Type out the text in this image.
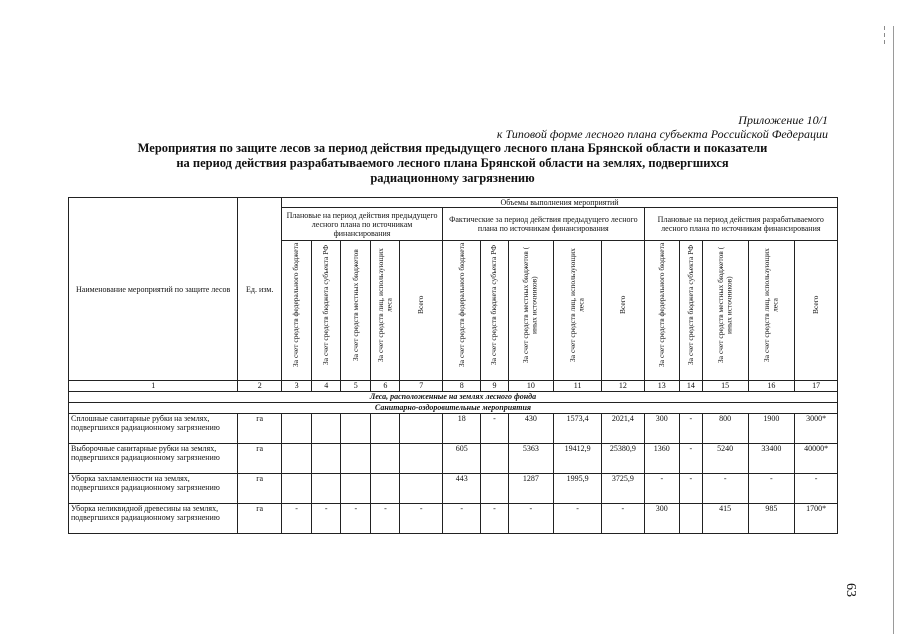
Приложение 10/1
к Типовой форме лесного плана субъекта Российской Федерации
Мероприятия по защите лесов за период действия предыдущего лесного плана Брянской области и показатели
на период действия разрабатываемого лесного плана Брянской области на землях, подвергшихся
радиационному загрязнению
Наименование мероприятий по защите лесов	Ед. изм.	Объемы выполнения мероприятий														
		Плановые на период действия предыдущего лесного плана по источникам финансирования					Фактические за период действия предыдущего лесного плана по источникам финансирования					Плановые на период действия разрабатываемого лесного плана по источникам финансирования				

		За счет средств федерального бюджета	За счет средств бюджета субъекта РФ	За счет средств местных бюджетов	За счет средств лиц, использующих леса	Всего	За счет средств федерального бюджета	За счет средств бюджета субъекта РФ	За счет средств местных бюджетов ( иных источников)	За счет средств лиц, использующих леса	Всего	За счет средств федерального бюджета	За счет средств бюджета субъекта РФ	За счет средств местных бюджетов ( иных источников)	За счет средств лиц, использующих леса	Всего

1	2	3	4	5	6	7	8	9	10	11	12	13	14	15	16	17
Леса, расположенные на землях лесного фонда																
Санитарно-оздоровительные мероприятия																
Сплошные санитарные рубки на землях, подвергшихся радиационному загрязнению	га						18	-	430	1573,4	2021,4	300	-	800	1900	3000*
Выборочные санитарные рубки на землях, подвергшихся радиационному загрязнению	га						605		5363	19412,9	25380,9	1360	-	5240	33400	40000*
Уборка захламленности на землях, подвергшихся радиационному загрязнению	га						443		1287	1995,9	3725,9	-	-	-	-	-
Уборка неликвидной древесины на землях, подвергшихся радиационному загрязнению	га	-	-	-	-	-	-	-	-	-	-	300		415	985	1700*
63
